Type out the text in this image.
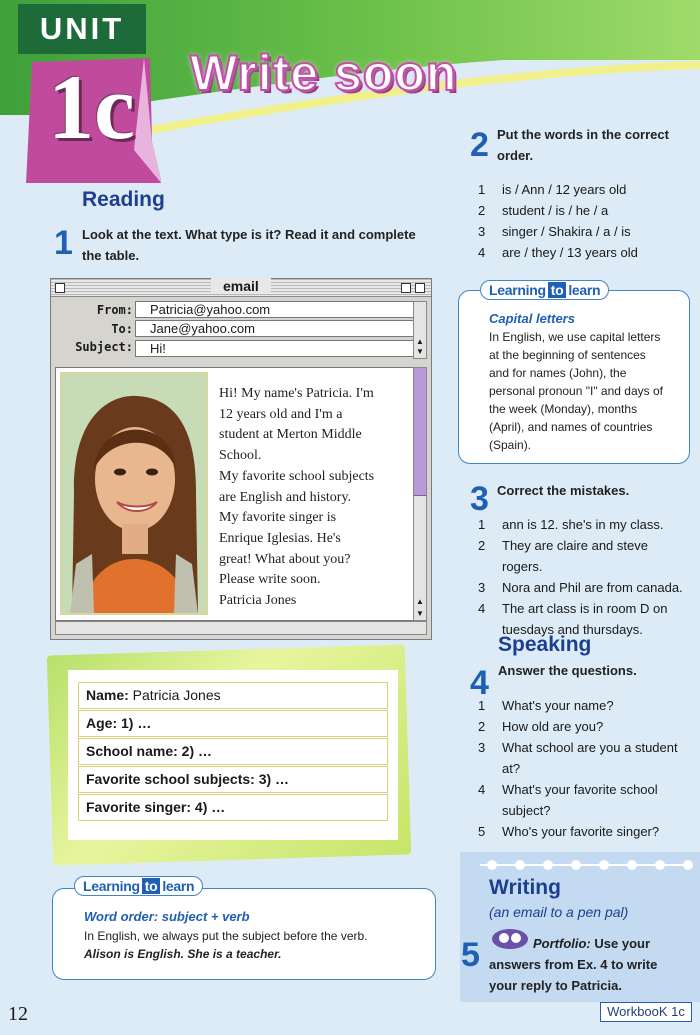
UNIT
1c Write soon
Reading
1 Look at the text. What type is it? Read it and complete the table.
email
From:	Patricia@yahoo.com
To:	Jane@yahoo.com
Subject:	Hi!	▼
▲
Hi! My name's Patricia. I'm
12 years old and I'm a
student at Merton Middle
School.
My favorite school subjects
are English and history.
My favorite singer is
Enrique Iglesias. He's
great! What about you?
Please write soon.
Patricia Jones	▲
▼
Name: Patricia Jones
Age: 1) …
School name: 2) …
Favorite school subjects: 3) …
Favorite singer: 4) …
Learning to learn
Word order: subject + verb
In English, we always put the subject before the verb.
Alison is English. She is a teacher.
2 Put the words in the correct order.
1 is / Ann / 12 years old
2 student / is / he / a
3 singer / Shakira / a / is
4 are / they / 13 years old
Learning to learn
Capital letters
In English, we use capital letters
at the beginning of sentences
and for names (John), the
personal pronoun "I" and days of
the week (Monday), months
(April), and names of countries
(Spain).
3 Correct the mistakes.
1 ann is 12. she's in my class.
2 They are claire and steve rogers.
3 Nora and Phil are from canada.
4 The art class is in room D on tuesdays and thursdays.
Speaking
4 Answer the questions.
1 What's your name?
2 How old are you?
3 What school are you a student at?
4 What's your favorite school subject?
5 Who's your favorite singer?
Writing
(an email to a pen pal)
5	Portfolio: Use your
answers from Ex. 4 to write
your reply to Patricia.
12	WorkbooK 1c
